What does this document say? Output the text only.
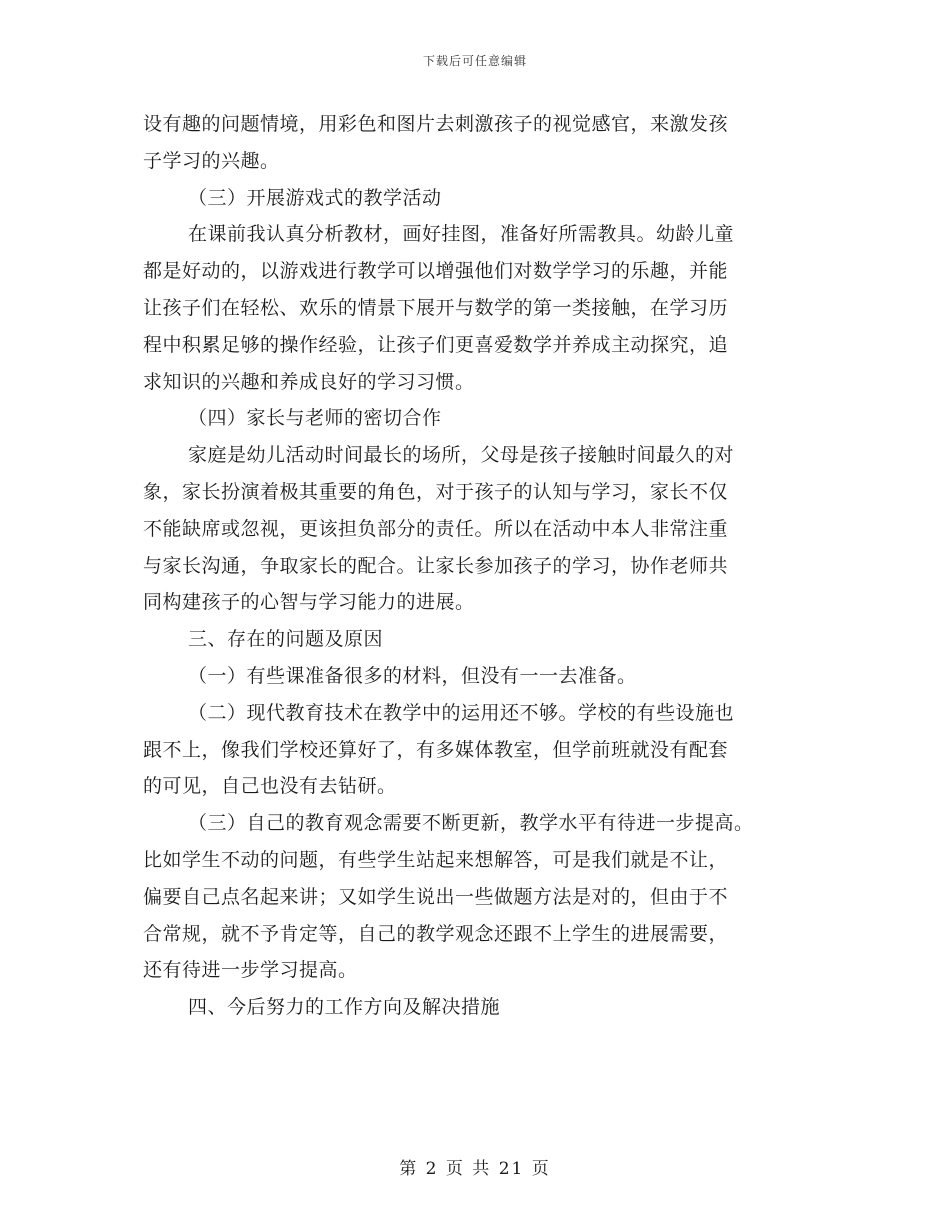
下载后可任意编辑
设有趣的问题情境，用彩色和图片去刺激孩子的视觉感官，来激发孩
子学习的兴趣。
（三）开展游戏式的教学活动
在课前我认真分析教材，画好挂图，准备好所需教具。幼龄儿童
都是好动的，以游戏进行教学可以增强他们对数学学习的乐趣，并能
让孩子们在轻松、欢乐的情景下展开与数学的第一类接触，在学习历
程中积累足够的操作经验，让孩子们更喜爱数学并养成主动探究，追
求知识的兴趣和养成良好的学习习惯。
（四）家长与老师的密切合作
家庭是幼儿活动时间最长的场所，父母是孩子接触时间最久的对
象，家长扮演着极其重要的角色，对于孩子的认知与学习，家长不仅
不能缺席或忽视，更该担负部分的责任。所以在活动中本人非常注重
与家长沟通，争取家长的配合。让家长参加孩子的学习，协作老师共
同构建孩子的心智与学习能力的进展。
三、存在的问题及原因
（一）有些课准备很多的材料，但没有一一去准备。
（二）现代教育技术在教学中的运用还不够。学校的有些设施也
跟不上，像我们学校还算好了，有多媒体教室，但学前班就没有配套
的可见，自己也没有去钻研。
（三）自己的教育观念需要不断更新，教学水平有待进一步提高。
比如学生不动的问题，有些学生站起来想解答，可是我们就是不让，
偏要自己点名起来讲；又如学生说出一些做题方法是对的，但由于不
合常规，就不予肯定等，自己的教学观念还跟不上学生的进展需要，
还有待进一步学习提高。
四、今后努力的工作方向及解决措施
第 2 页 共 21 页
